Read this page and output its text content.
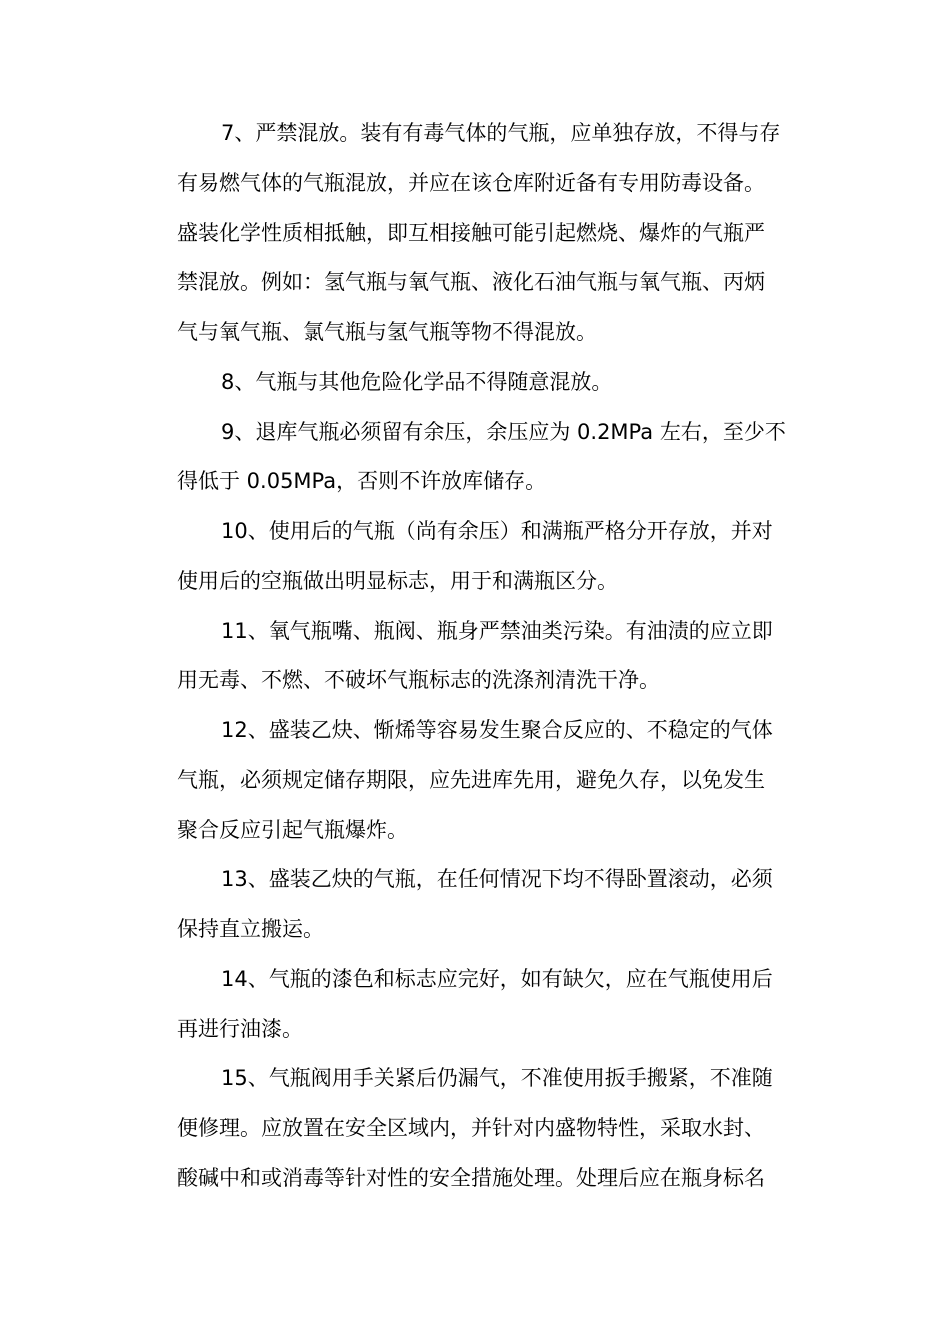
7、严禁混放。装有有毒气体的气瓶，应单独存放，不得与存
有易燃气体的气瓶混放，并应在该仓库附近备有专用防毒设备。
盛装化学性质相抵触，即互相接触可能引起燃烧、爆炸的气瓶严
禁混放。例如：氢气瓶与氧气瓶、液化石油气瓶与氧气瓶、丙炳
气与氧气瓶、氯气瓶与氢气瓶等物不得混放。
8、气瓶与其他危险化学品不得随意混放。
9、退库气瓶必须留有余压，余压应为 0.2MPa 左右，至少不
得低于 0.05MPa，否则不许放库储存。
10、使用后的气瓶（尚有余压）和满瓶严格分开存放，并对
使用后的空瓶做出明显标志，用于和满瓶区分。
11、氧气瓶嘴、瓶阀、瓶身严禁油类污染。有油渍的应立即
用无毒、不燃、不破坏气瓶标志的洗涤剂清洗干净。
12、盛装乙炔、惭烯等容易发生聚合反应的、不稳定的气体
气瓶，必须规定储存期限，应先进库先用，避免久存，以免发生
聚合反应引起气瓶爆炸。
13、盛装乙炔的气瓶，在任何情况下均不得卧置滚动，必须
保持直立搬运。
14、气瓶的漆色和标志应完好，如有缺欠，应在气瓶使用后
再进行油漆。
15、气瓶阀用手关紧后仍漏气，不准使用扳手搬紧，不准随
便修理。应放置在安全区域内，并针对内盛物特性，采取水封、
酸碱中和或消毒等针对性的安全措施处理。处理后应在瓶身标名
